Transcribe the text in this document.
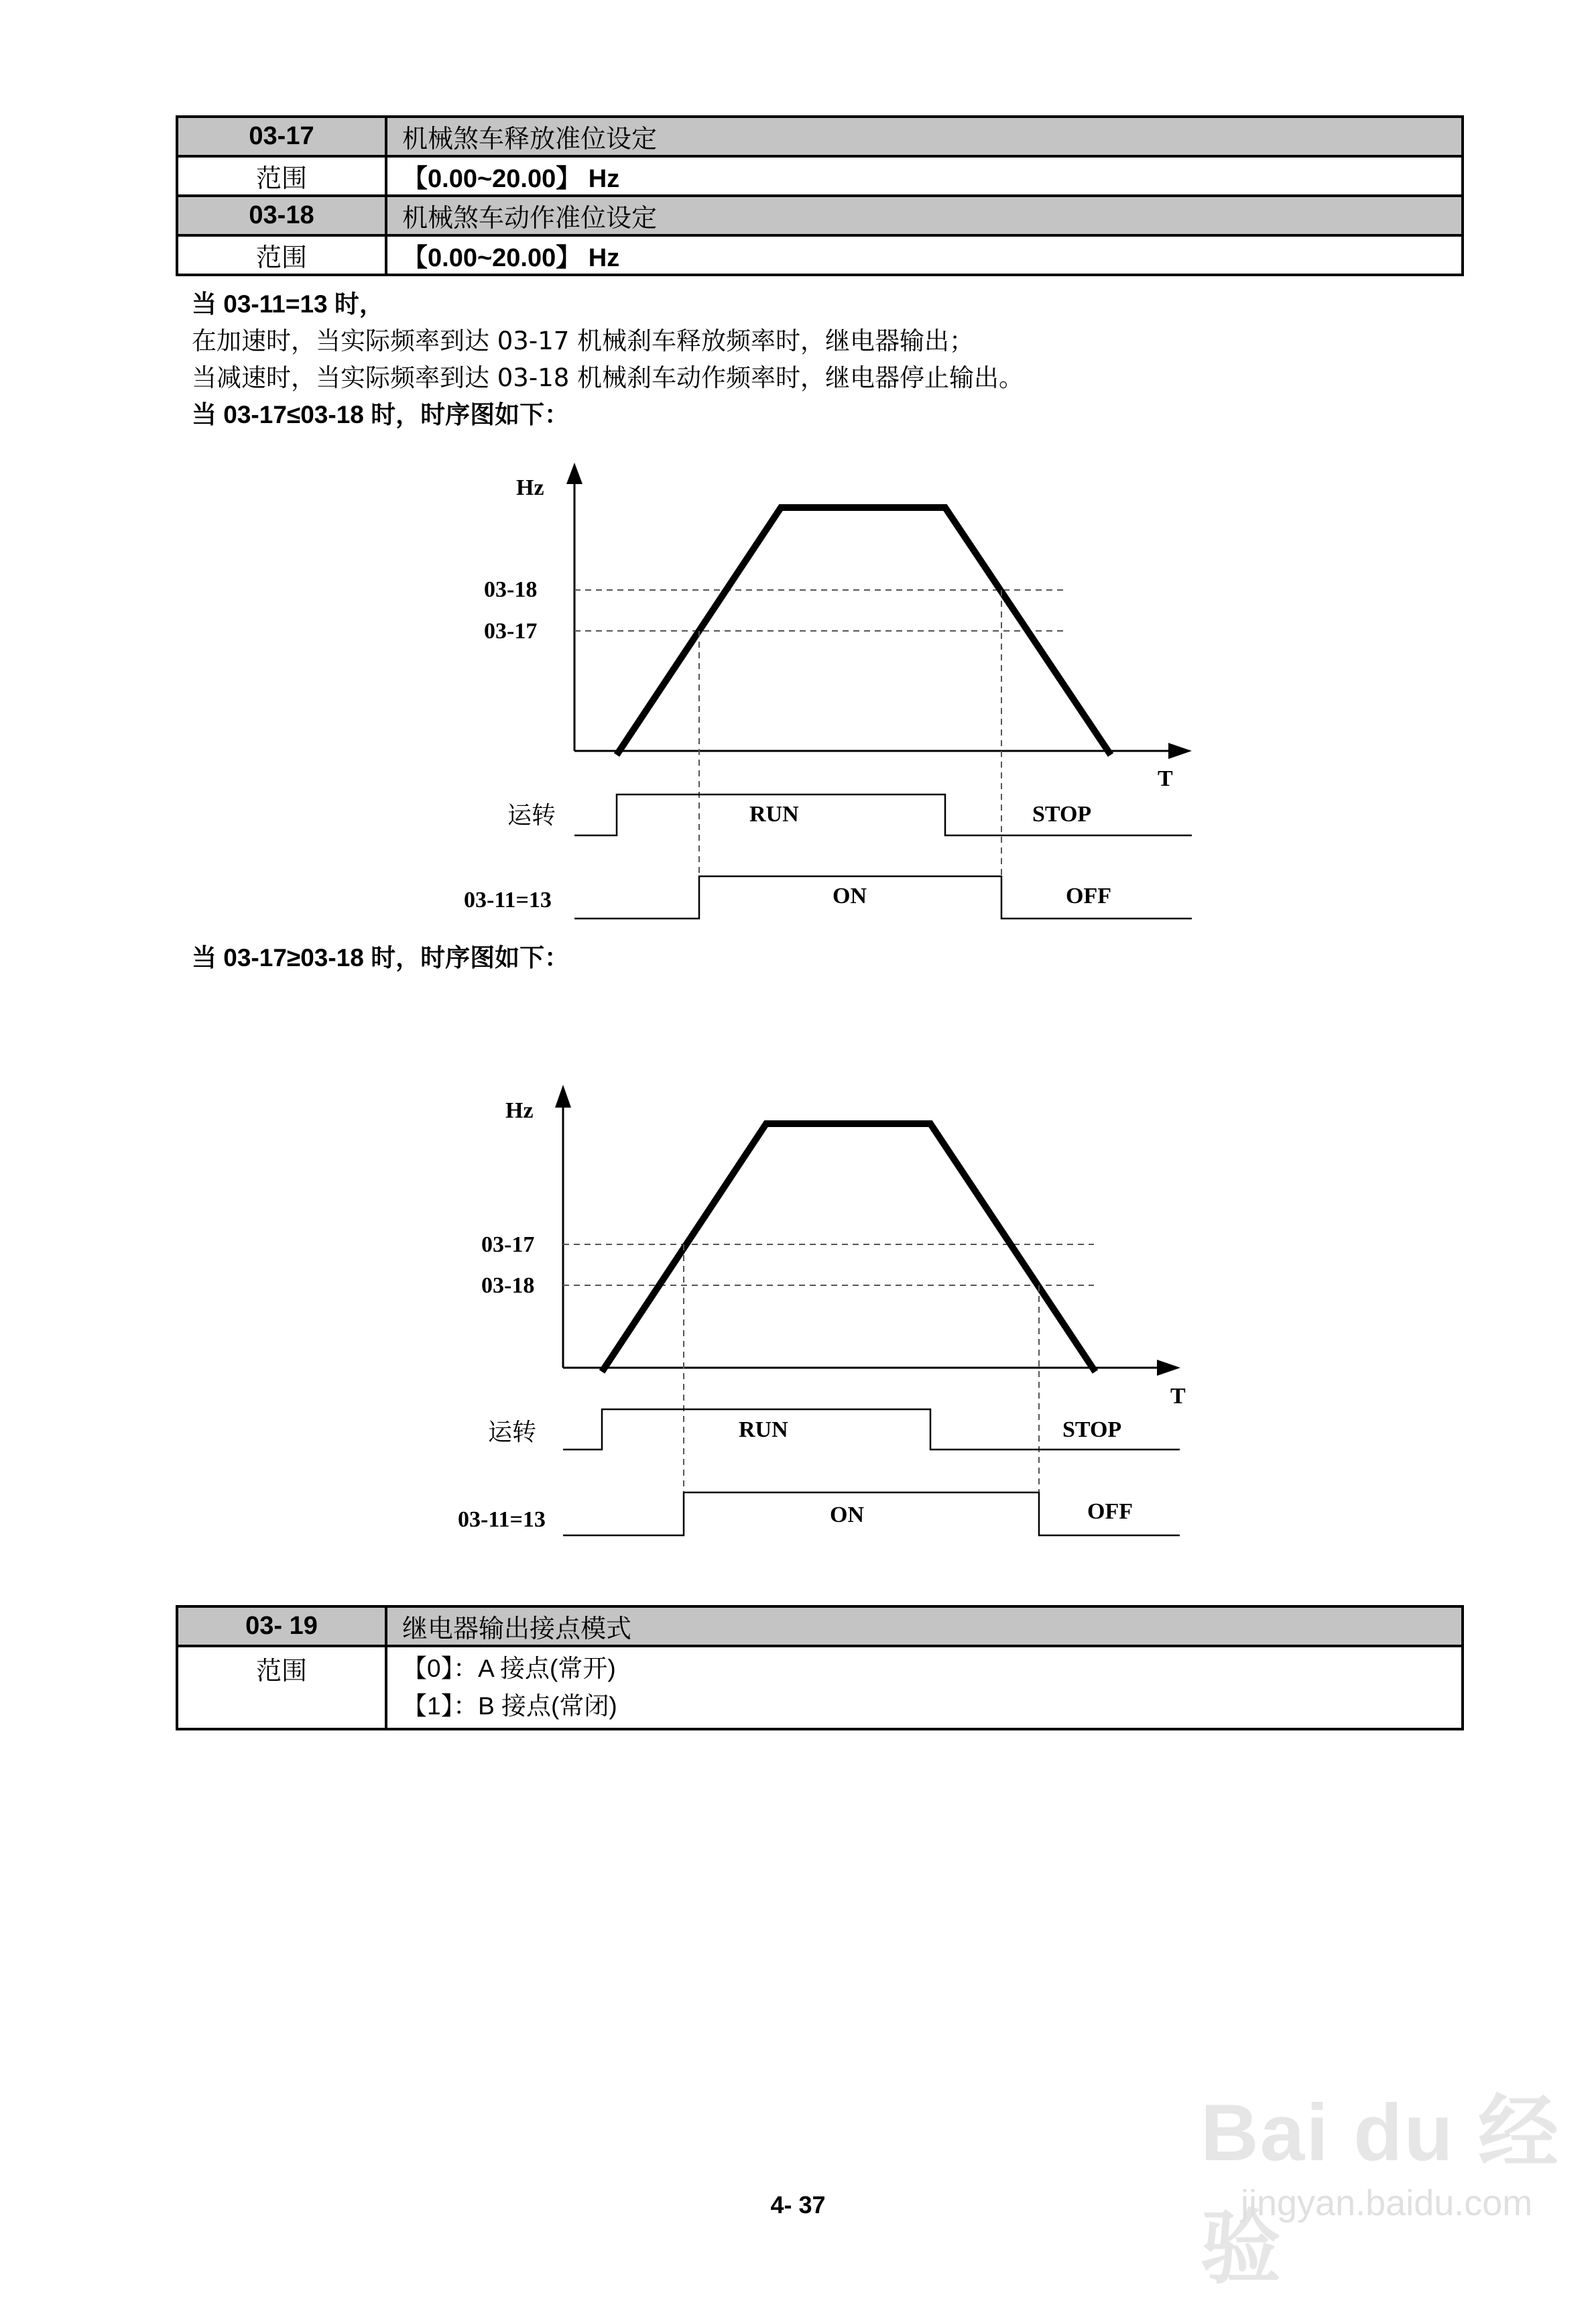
03-17	机械煞车释放准位设定
范围	【0.00~20.00】 Hz
03-18	机械煞车动作准位设定
范围	【0.00~20.00】 Hz
当 03-11=13 时，
在加速时，当实际频率到达 03-17 机械刹车释放频率时，继电器输出；
当减速时，当实际频率到达 03-18 机械刹车动作频率时，继电器停止输出。
当 03-17≤03-18 时，时序图如下：
Hz
T
03-18
03-17
运转	RUN	STOP
03-11=13	ON	OFF
当 03-17≥03-18 时，时序图如下：
Hz
T
03-17
03-18
运转	RUN	STOP
03-11=13	ON	OFF
03- 19	继电器输出接点模式
范围	【0】：A 接点(常开)
【1】：B 接点(常闭)
4- 37
Bai du 经验
jingyan.baidu.com
